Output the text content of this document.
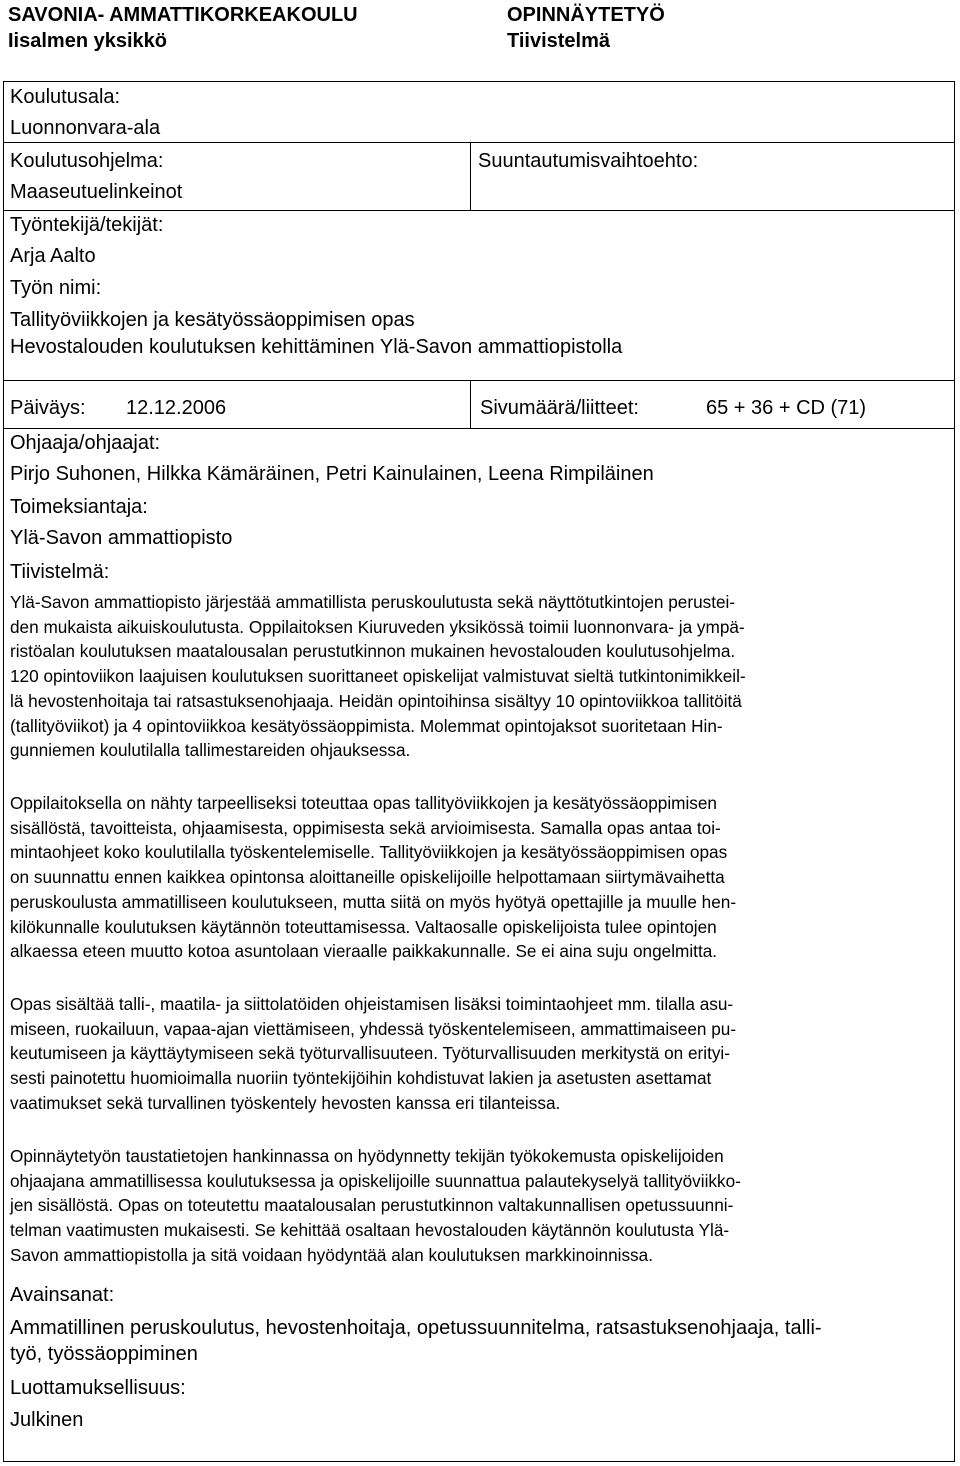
SAVONIA- AMMATTIKORKEAKOULU
Iisalmen yksikkö
OPINNÄYTETYÖ
Tiivistelmä
Koulutusala:
Luonnonvara-ala
Koulutusohjelma:
Maaseutuelinkeinot
Suuntautumisvaihtoehto:
Työntekijä/tekijät:
Arja Aalto
Työn nimi:
Tallityöviikkojen ja kesätyössäoppimisen opas
Hevostalouden koulutuksen kehittäminen Ylä-Savon ammattiopistolla
Päiväys: 12.12.2006	Sivumäärä/liitteet:	65 + 36 + CD (71)
Ohjaaja/ohjaajat:
Pirjo Suhonen, Hilkka Kämäräinen, Petri Kainulainen, Leena Rimpiläinen
Toimeksiantaja:
Ylä-Savon ammattiopisto
Tiivistelmä:
Ylä-Savon ammattiopisto järjestää ammatillista peruskoulutusta sekä näyttötutkintojen perustei-
den mukaista aikuiskoulutusta. Oppilaitoksen Kiuruveden yksikössä toimii luonnonvara- ja ympä-
ristöalan koulutuksen maatalousalan perustutkinnon mukainen hevostalouden koulutusohjelma.
120 opintoviikon laajuisen koulutuksen suorittaneet opiskelijat valmistuvat sieltä tutkintonimikkeil-
lä hevostenhoitaja tai ratsastuksenohjaaja. Heidän opintoihinsa sisältyy 10 opintoviikkoa tallitöitä
(tallityöviikot) ja 4 opintoviikkoa kesätyössäoppimista. Molemmat opintojaksot suoritetaan Hin-
gunniemen koulutilalla tallimestareiden ohjauksessa.
Oppilaitoksella on nähty tarpeelliseksi toteuttaa opas tallityöviikkojen ja kesätyössäoppimisen
sisällöstä, tavoitteista, ohjaamisesta, oppimisesta sekä arvioimisesta. Samalla opas antaa toi-
mintaohjeet koko koulutilalla työskentelemiselle. Tallityöviikkojen ja kesätyössäoppimisen opas
on suunnattu ennen kaikkea opintonsa aloittaneille opiskelijoille helpottamaan siirtymävaihetta
peruskoulusta ammatilliseen koulutukseen, mutta siitä on myös hyötyä opettajille ja muulle hen-
kilökunnalle koulutuksen käytännön toteuttamisessa. Valtaosalle opiskelijoista tulee opintojen
alkaessa eteen muutto kotoa asuntolaan vieraalle paikkakunnalle. Se ei aina suju ongelmitta.
Opas sisältää talli-, maatila- ja siittolatöiden ohjeistamisen lisäksi toimintaohjeet mm. tilalla asu-
miseen, ruokailuun, vapaa-ajan viettämiseen, yhdessä työskentelemiseen, ammattimaiseen pu-
keutumiseen ja käyttäytymiseen sekä työturvallisuuteen. Työturvallisuuden merkitystä on erityi-
sesti painotettu huomioimalla nuoriin työntekijöihin kohdistuvat lakien ja asetusten asettamat
vaatimukset sekä turvallinen työskentely hevosten kanssa eri tilanteissa.
Opinnäytetyön taustatietojen hankinnassa on hyödynnetty tekijän työkokemusta opiskelijoiden
ohjaajana ammatillisessa koulutuksessa ja opiskelijoille suunnattua palautekyselyä tallityöviikko-
jen sisällöstä. Opas on toteutettu maatalousalan perustutkinnon valtakunnallisen opetussuunni-
telman vaatimusten mukaisesti. Se kehittää osaltaan hevostalouden käytännön koulutusta Ylä-
Savon ammattiopistolla ja sitä voidaan hyödyntää alan koulutuksen markkinoinnissa.
Avainsanat:
Ammatillinen peruskoulutus, hevostenhoitaja, opetussuunnitelma, ratsastuksenohjaaja, talli-
työ, työssäoppiminen
Luottamuksellisuus:
Julkinen
